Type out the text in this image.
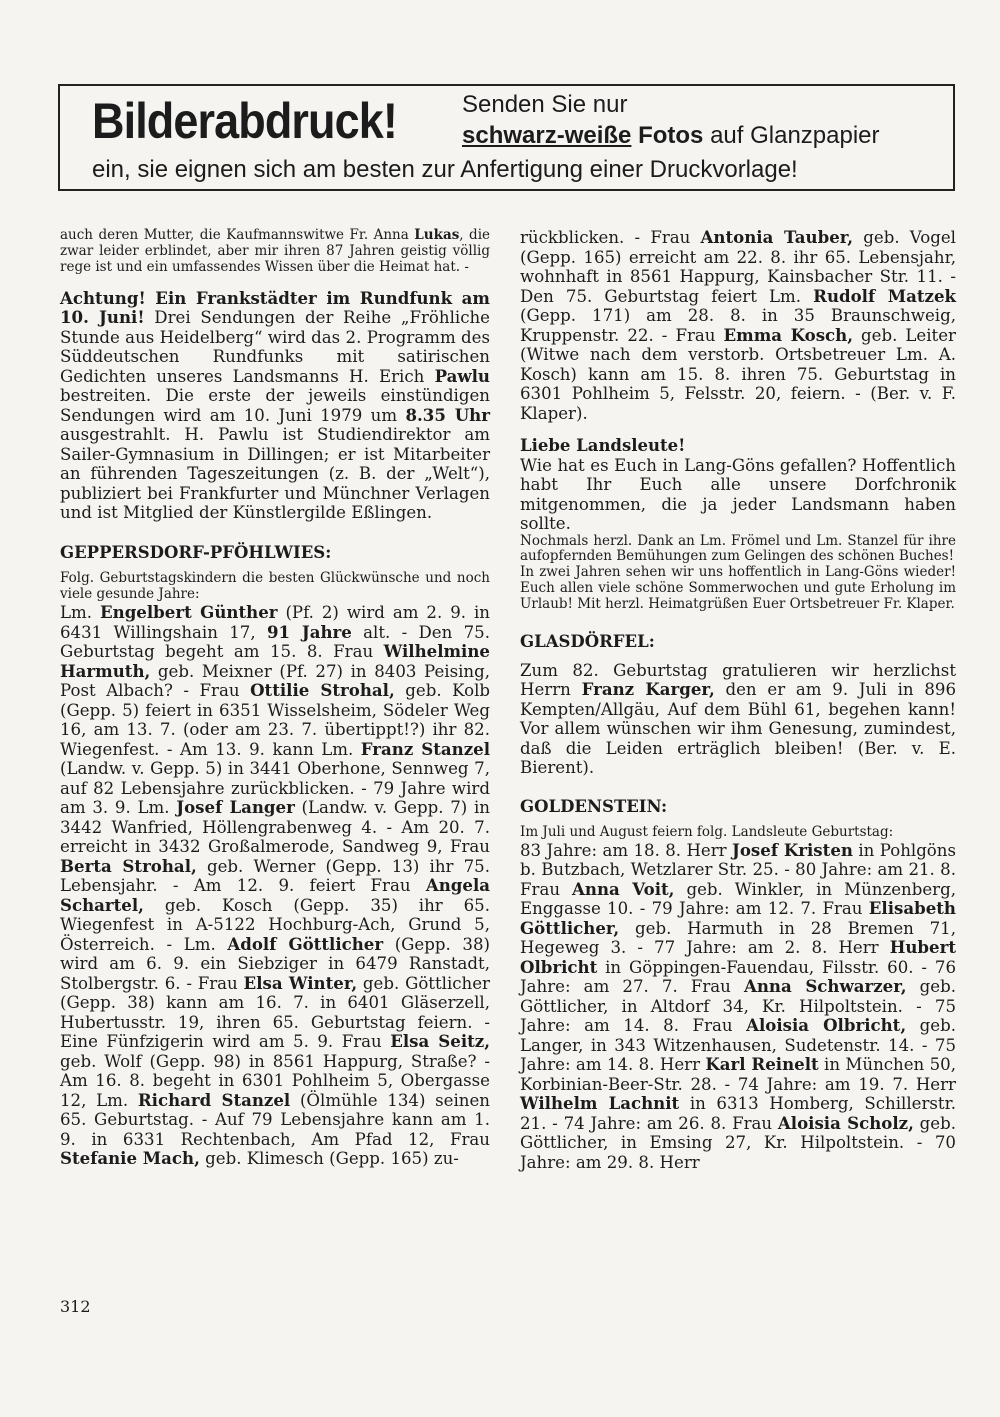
Bilderabdruck!	Senden Sie nur
schwarz-weiße Fotos auf Glanzpapier
ein, sie eignen sich am besten zur Anfertigung einer Druckvorlage!

auch deren Mutter, die Kaufmannswitwe Fr. Anna Lukas, die zwar leider erblindet, aber mir ihren 87 Jahren geistig völlig rege ist und ein umfassendes Wissen über die Heimat hat. -

Achtung! Ein Frankstädter im Rundfunk am 10. Juni! Drei Sendungen der Reihe „Fröhliche Stunde aus Heidelberg“ wird das 2. Programm des Süddeutschen Rundfunks mit satirischen Gedichten unseres Landsmanns H. Erich Pawlu bestreiten. Die erste der jeweils einstündigen Sendungen wird am 10. Juni 1979 um 8.35 Uhr ausgestrahlt. H. Pawlu ist Studiendirektor am Sailer-Gymnasium in Dillingen; er ist Mitarbeiter an führenden Tageszeitungen (z. B. der „Welt“), publiziert bei Frankfurter und Münchner Verlagen und ist Mitglied der Künstlergilde Eßlingen.

GEPPERSDORF-PFÖHLWIES:

Folg. Geburtstagskindern die besten Glückwünsche und noch viele gesunde Jahre:

Lm. Engelbert Günther (Pf. 2) wird am 2. 9. in 6431 Willingshain 17, 91 Jahre alt. - Den 75. Geburtstag begeht am 15. 8. Frau Wilhelmine Harmuth, geb. Meixner (Pf. 27) in 8403 Peising, Post Albach? - Frau Ottilie Strohal, geb. Kolb (Gepp. 5) feiert in 6351 Wisselsheim, Södeler Weg 16, am 13. 7. (oder am 23. 7. übertippt!?) ihr 82. Wiegenfest. - Am 13. 9. kann Lm. Franz Stanzel (Landw. v. Gepp. 5) in 3441 Oberhone, Sennweg 7, auf 82 Lebensjahre zurückblicken. - 79 Jahre wird am 3. 9. Lm. Josef Langer (Landw. v. Gepp. 7) in 3442 Wanfried, Höllengrabenweg 4. - Am 20. 7. erreicht in 3432 Großalmerode, Sandweg 9, Frau Berta Strohal, geb. Werner (Gepp. 13) ihr 75. Lebensjahr. - Am 12. 9. feiert Frau Angela Schartel, geb. Kosch (Gepp. 35) ihr 65. Wiegenfest in A-5122 Hochburg-Ach, Grund 5, Österreich. - Lm. Adolf Göttlicher (Gepp. 38) wird am 6. 9. ein Siebziger in 6479 Ranstadt, Stolbergstr. 6. - Frau Elsa Winter, geb. Göttlicher (Gepp. 38) kann am 16. 7. in 6401 Gläserzell, Hubertusstr. 19, ihren 65. Geburtstag feiern. - Eine Fünfzigerin wird am 5. 9. Frau Elsa Seitz, geb. Wolf (Gepp. 98) in 8561 Happurg, Straße? - Am 16. 8. begeht in 6301 Pohlheim 5, Obergasse 12, Lm. Richard Stanzel (Ölmühle 134) seinen 65. Geburtstag. - Auf 79 Lebensjahre kann am 1. 9. in 6331 Rechtenbach, Am Pfad 12, Frau Stefanie Mach, geb. Klimesch (Gepp. 165) zu-

rückblicken. - Frau Antonia Tauber, geb. Vogel (Gepp. 165) erreicht am 22. 8. ihr 65. Lebensjahr, wohnhaft in 8561 Happurg, Kainsbacher Str. 11. - Den 75. Geburtstag feiert Lm. Rudolf Matzek (Gepp. 171) am 28. 8. in 35 Braunschweig, Kruppenstr. 22. - Frau Emma Kosch, geb. Leiter (Witwe nach dem verstorb. Ortsbetreuer Lm. A. Kosch) kann am 15. 8. ihren 75. Geburtstag in 6301 Pohlheim 5, Felsstr. 20, feiern. - (Ber. v. F. Klaper).

Liebe Landsleute!

Wie hat es Euch in Lang-Göns gefallen? Hoffentlich habt Ihr Euch alle unsere Dorfchronik mitgenommen, die ja jeder Landsmann haben sollte.

Nochmals herzl. Dank an Lm. Frömel und Lm. Stanzel für ihre aufopfernden Bemühungen zum Gelingen des schönen Buches!

In zwei Jahren sehen wir uns hoffentlich in Lang-Göns wieder! Euch allen viele schöne Sommerwochen und gute Erholung im Urlaub! Mit herzl. Heimatgrüßen Euer Ortsbetreuer Fr. Klaper.

GLASDÖRFEL:

Zum 82. Geburtstag gratulieren wir herzlichst Herrn Franz Karger, den er am 9. Juli in 896 Kempten/Allgäu, Auf dem Bühl 61, begehen kann! Vor allem wünschen wir ihm Genesung, zumindest, daß die Leiden erträglich bleiben! (Ber. v. E. Bierent).

GOLDENSTEIN:

Im Juli und August feiern folg. Landsleute Geburtstag:

83 Jahre: am 18. 8. Herr Josef Kristen in Pohlgöns b. Butzbach, Wetzlarer Str. 25. - 80 Jahre: am 21. 8. Frau Anna Voit, geb. Winkler, in Münzenberg, Enggasse 10. - 79 Jahre: am 12. 7. Frau Elisabeth Göttlicher, geb. Harmuth in 28 Bremen 71, Hegeweg 3. - 77 Jahre: am 2. 8. Herr Hubert Olbricht in Göppingen-Fauendau, Filsstr. 60. - 76 Jahre: am 27. 7. Frau Anna Schwarzer, geb. Göttlicher, in Altdorf 34, Kr. Hilpoltstein. - 75 Jahre: am 14. 8. Frau Aloisia Olbricht, geb. Langer, in 343 Witzenhausen, Sudetenstr. 14. - 75 Jahre: am 14. 8. Herr Karl Reinelt in München 50, Korbinian-Beer-Str. 28. - 74 Jahre: am 19. 7. Herr Wilhelm Lachnit in 6313 Homberg, Schillerstr. 21. - 74 Jahre: am 26. 8. Frau Aloisia Scholz, geb. Göttlicher, in Emsing 27, Kr. Hilpoltstein. - 70 Jahre: am 29. 8. Herr

312
